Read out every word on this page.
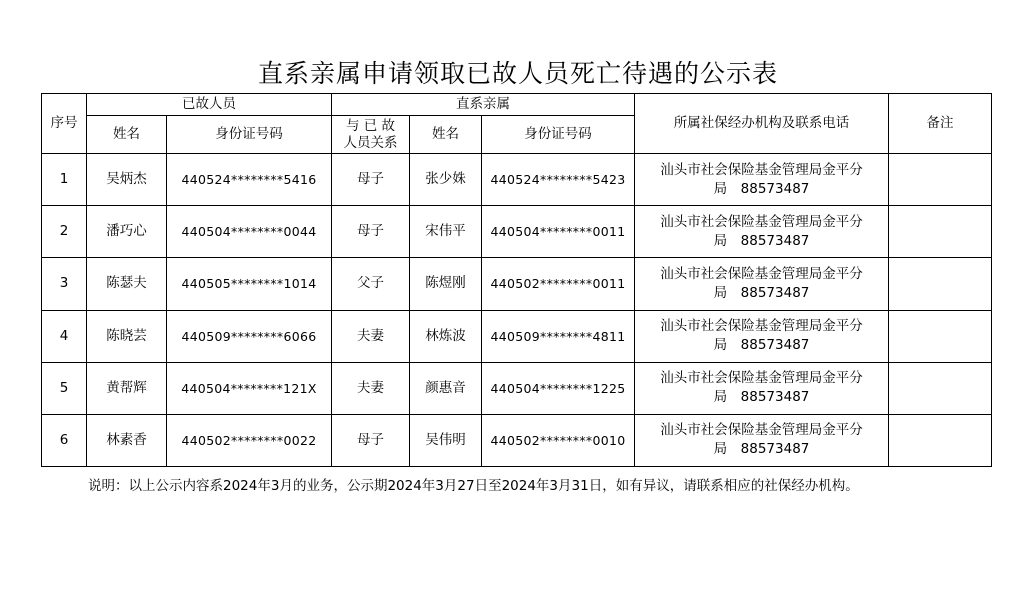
直系亲属申请领取已故人员死亡待遇的公示表
序号	已故人员		直系亲属			所属社保经办机构及联系电话	备注
	姓名	身份证号码	与 已 故
人员关系	姓名	身份证号码		
1	吴炳杰	440524********5416	母子	张少姝	440524********5423	汕头市社会保险基金管理局金平分
局　88573487	

2	潘巧心	440504********0044	母子	宋伟平	440504********0011	汕头市社会保险基金管理局金平分
局　88573487	

3	陈瑟夫	440505********1014	父子	陈煜刚	440502********0011	汕头市社会保险基金管理局金平分
局　88573487	

4	陈晓芸	440509********6066	夫妻	林炼波	440509********4811	汕头市社会保险基金管理局金平分
局　88573487	

5	黄帮辉	440504********121X	夫妻	颜惠音	440504********1225	汕头市社会保险基金管理局金平分
局　88573487	

6	林素香	440502********0022	母子	吴伟明	440502********0010	汕头市社会保险基金管理局金平分
局　88573487	

说明：以上公示内容系2024年3月的业务，公示期2024年3月27日至2024年3月31日，如有异议，请联系相应的社保经办机构。
